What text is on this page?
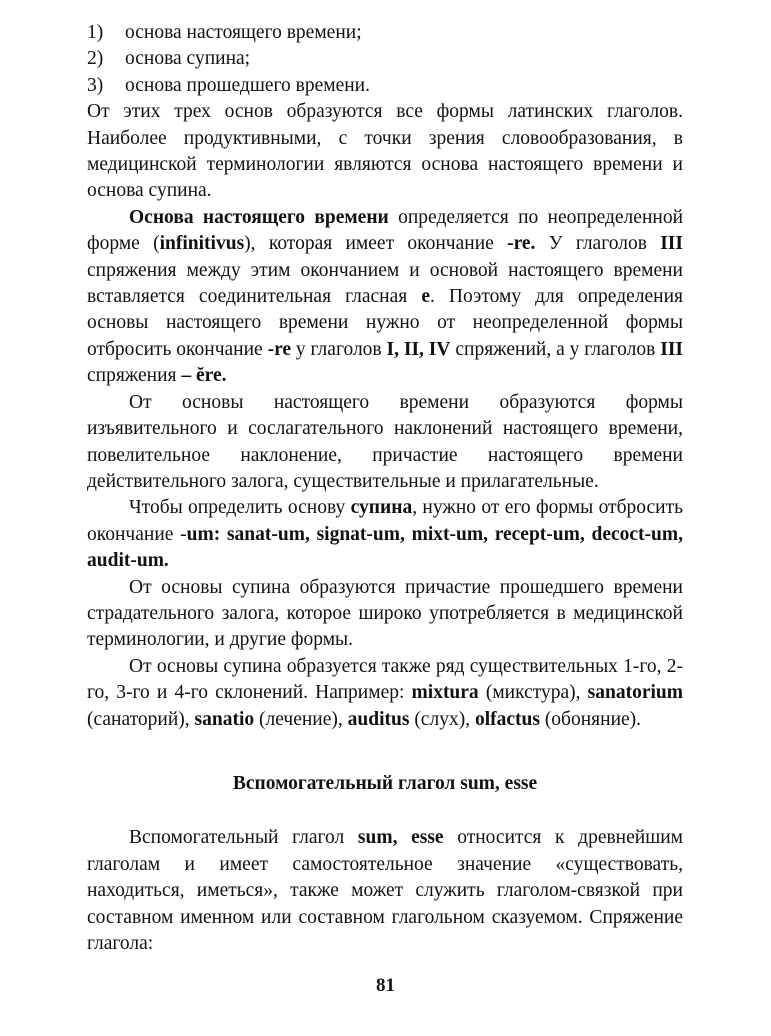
1)	основа настоящего времени;
2)	основа супина;
3)	основа прошедшего времени.

От этих трех основ образуются все формы латинских глаголов. Наиболее продуктивными, с точки зрения словообразования, в медицинской терминологии являются основа настоящего времени и основа супина.

Основа настоящего времени определяется по неопределенной форме (infinitivus), которая имеет окончание -re. У глаголов III спряжения между этим окончанием и основой настоящего времени вставляется соединительная гласная e. Поэтому для определения основы настоящего времени нужно от неопределенной формы отбросить окончание -re у глаголов I, II, IV спряжений, а у глаголов III спряжения – ĕre.

От основы настоящего времени образуются формы изъявительного и сослагательного наклонений настоящего времени, повелительное наклонение, причастие настоящего времени действительного залога, существительные и прилагательные.

Чтобы определить основу супина, нужно от его формы отбросить окончание -um: sanat-um, signat-um, mixt-um, recept-um, decoct-um, audit-um.

От основы супина образуются причастие прошедшего времени страдательного залога, которое широко употребляется в медицинской терминологии, и другие формы.

От основы супина образуется также ряд существительных 1-го, 2-го, 3-го и 4-го склонений. Например: mixtura (микстура), sanatorium (санаторий), sanatio (лечение), auditus (слух), olfactus (обоняние).

Вспомогательный глагол sum, esse

Вспомогательный глагол sum, esse относится к древнейшим глаголам и имеет самостоятельное значение «существовать, находиться, иметься», также может служить глаголом-связкой при составном именном или составном глагольном сказуемом. Спряжение глагола:

81
